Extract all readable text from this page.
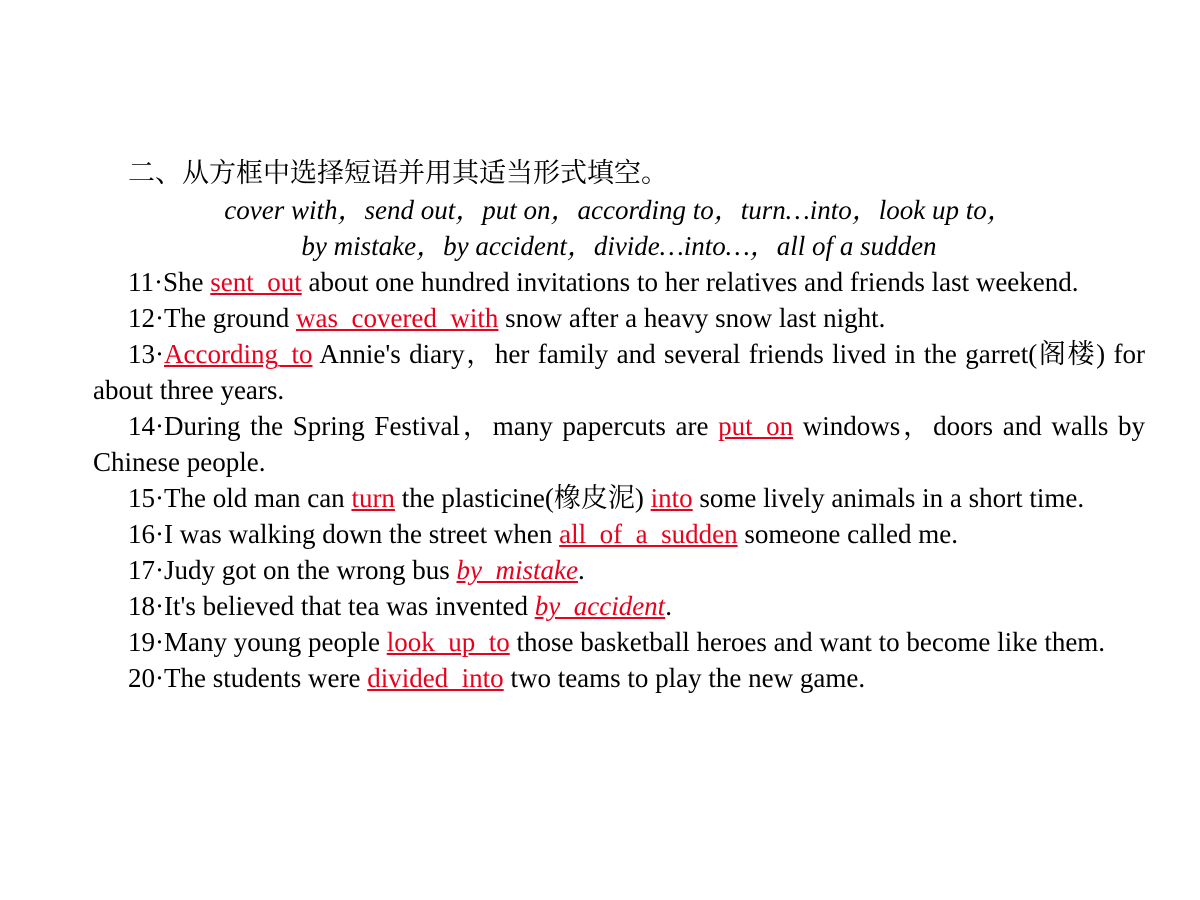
二、从方框中选择短语并用其适当形式填空。
cover with，send out，put on，according to，turn…into，look up to，
by mistake，by accident，divide…into…，all of a sudden

11·She sent_out about one hundred invitations to her relatives and friends last weekend.

12·The ground was_covered_with snow after a heavy snow last night.

13·According_to Annie's diary，her family and several friends lived in the garret(阁楼) for about three years.

14·During the Spring Festival，many papercuts are put_on windows，doors and walls by Chinese people.

15·The old man can turn the plasticine(橡皮泥) into some lively animals in a short time.

16·I was walking down the street when all_of_a_sudden someone called me.

17·Judy got on the wrong bus by_mistake.

18·It's believed that tea was invented by_accident.

19·Many young people look_up_to those basketball heroes and want to become like them.

20·The students were divided_into two teams to play the new game.
